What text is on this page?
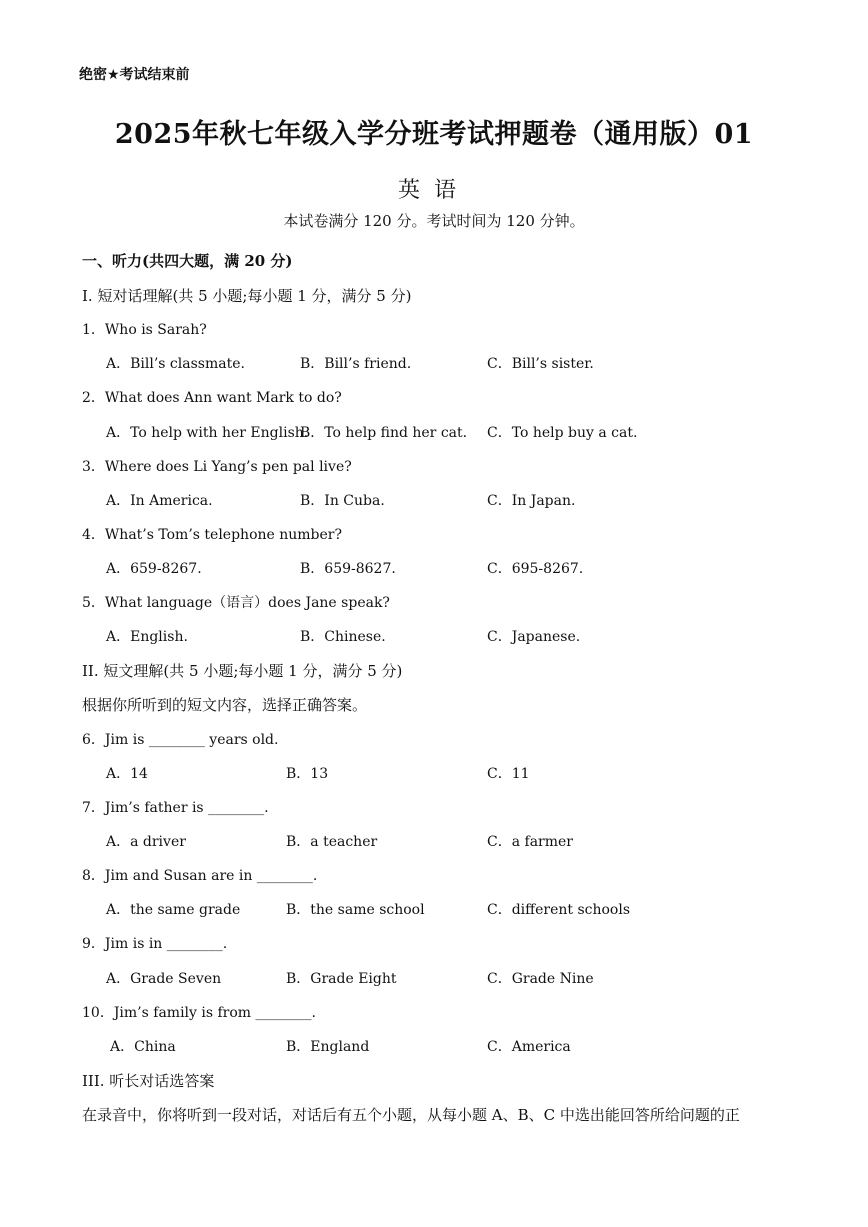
绝密★考试结束前
2025年秋七年级入学分班考试押题卷（通用版）01
英语
本试卷满分 120 分。考试时间为 120 分钟。
一、听力(共四大题，满 20 分)
I. 短对话理解(共 5 小题;每小题 1 分，满分 5 分)
1．Who is Sarah?
A．Bill’s classmate.	B．Bill’s friend.	C．Bill’s sister.
2．What does Ann want Mark to do?
A．To help with her English.
B．To help find her cat. C．To help buy a cat.
3．Where does Li Yang’s pen pal live?
A．In America.	B．In Cuba.	C．In Japan.
4．What’s Tom’s telephone number?
A．659-8267.	B．659-8627.	C．695-8267.
5．What language（语言）does Jane speak?
A．English.	B．Chinese.	C．Japanese.
II. 短文理解(共 5 小题;每小题 1 分，满分 5 分)
根据你所听到的短文内容，选择正确答案。
6．Jim is ________ years old.
A．14	B．13	C．11
7．Jim’s father is ________.
A．a driver	B．a teacher	C．a farmer
8．Jim and Susan are in ________.
A．the same grade	B．the same school	C．different schools
9．Jim is in ________.
A．Grade Seven	B．Grade Eight	C．Grade Nine
10．Jim’s family is from ________.
A．China	B．England	C．America
III. 听长对话选答案
在录音中，你将听到一段对话，对话后有五个小题，从每小题 A、B、C 中选出能回答所给问题的正
